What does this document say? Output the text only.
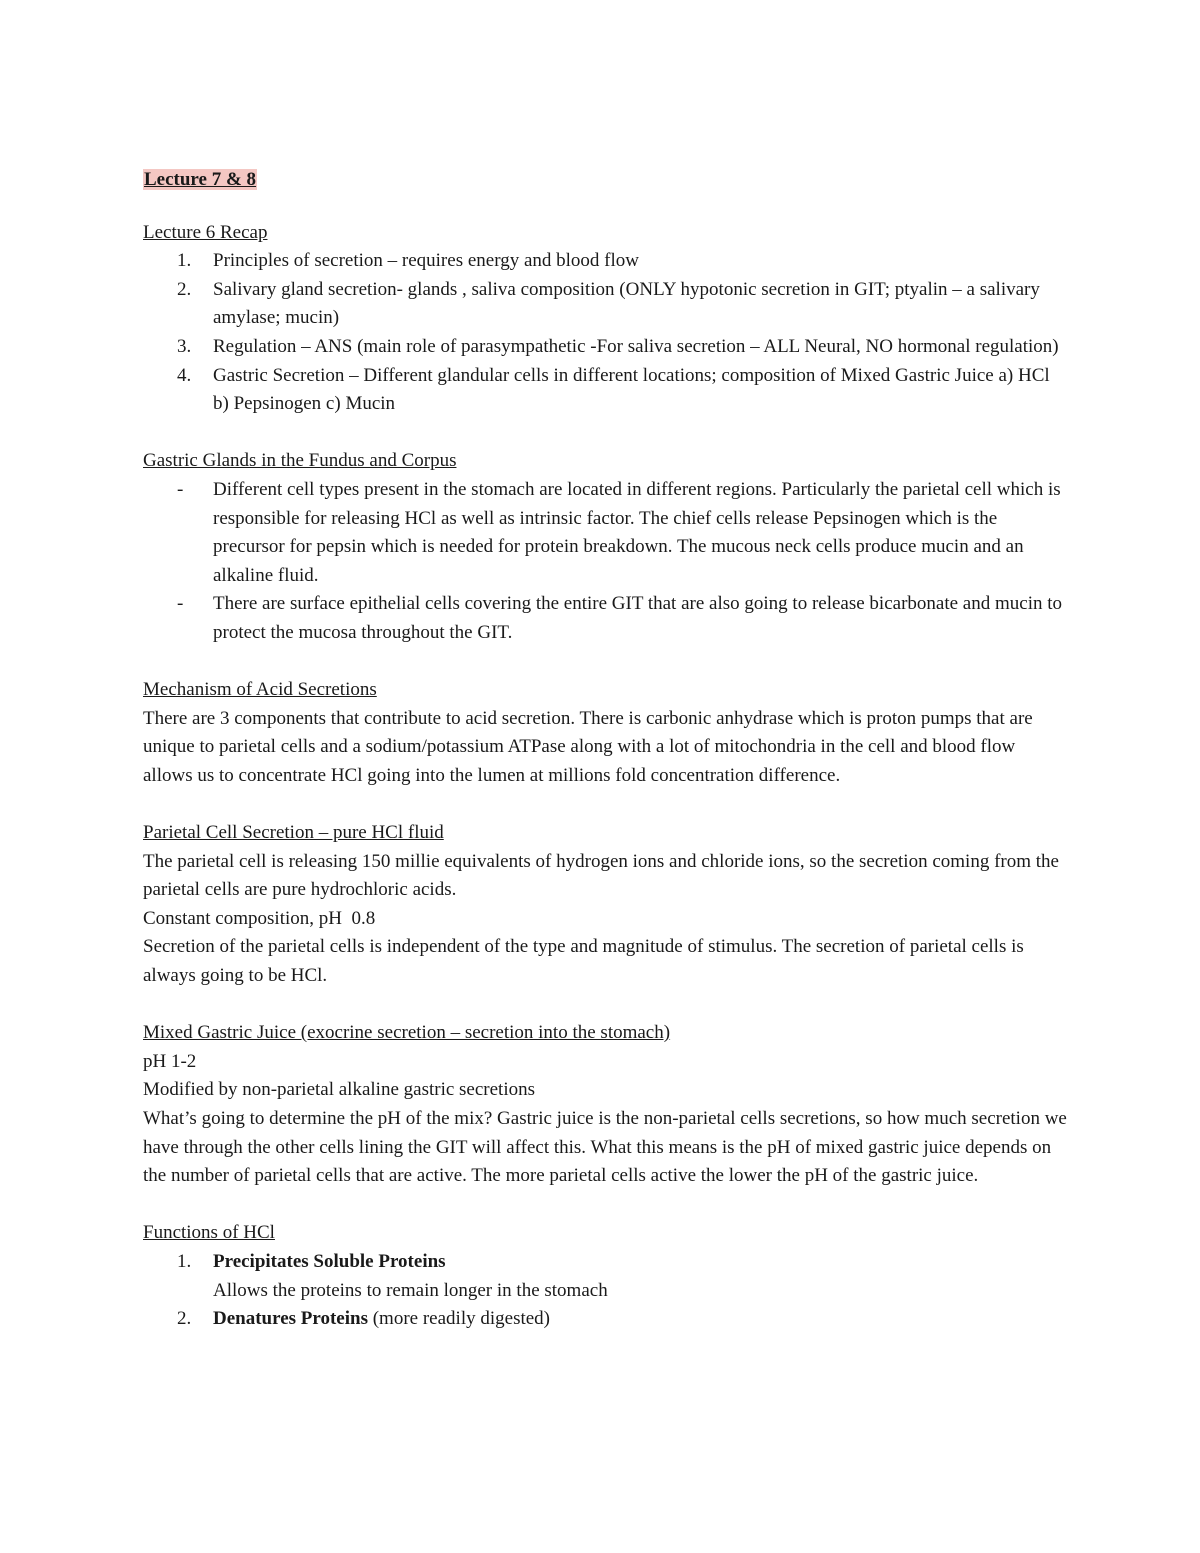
Lecture 7 & 8
Lecture 6 Recap
1. Principles of secretion – requires energy and blood flow
2. Salivary gland secretion- glands , saliva composition (ONLY hypotonic secretion in GIT; ptyalin – a salivary amylase; mucin)
3. Regulation – ANS (main role of parasympathetic -For saliva secretion – ALL Neural, NO hormonal regulation)
4. Gastric Secretion – Different glandular cells in different locations; composition of Mixed Gastric Juice a) HCl b) Pepsinogen c) Mucin
Gastric Glands in the Fundus and Corpus
- Different cell types present in the stomach are located in different regions. Particularly the parietal cell which is responsible for releasing HCl as well as intrinsic factor. The chief cells release Pepsinogen which is the precursor for pepsin which is needed for protein breakdown. The mucous neck cells produce mucin and an alkaline fluid.
- There are surface epithelial cells covering the entire GIT that are also going to release bicarbonate and mucin to protect the mucosa throughout the GIT.
Mechanism of Acid Secretions

There are 3 components that contribute to acid secretion. There is carbonic anhydrase which is proton pumps that are unique to parietal cells and a sodium/potassium ATPase along with a lot of mitochondria in the cell and blood flow allows us to concentrate HCl going into the lumen at millions fold concentration difference.

Parietal Cell Secretion – pure HCl fluid

The parietal cell is releasing 150 millie equivalents of hydrogen ions and chloride ions, so the secretion coming from the parietal cells are pure hydrochloric acids.

Constant composition, pH  0.8

Secretion of the parietal cells is independent of the type and magnitude of stimulus. The secretion of parietal cells is always going to be HCl.

Mixed Gastric Juice (exocrine secretion – secretion into the stomach)

pH 1-2

Modified by non-parietal alkaline gastric secretions

What’s going to determine the pH of the mix? Gastric juice is the non-parietal cells secretions, so how much secretion we have through the other cells lining the GIT will affect this. What this means is the pH of mixed gastric juice depends on the number of parietal cells that are active. The more parietal cells active the lower the pH of the gastric juice.

Functions of HCl
1. Precipitates Soluble Proteins
Allows the proteins to remain longer in the stomach
2. Denatures Proteins (more readily digested)
